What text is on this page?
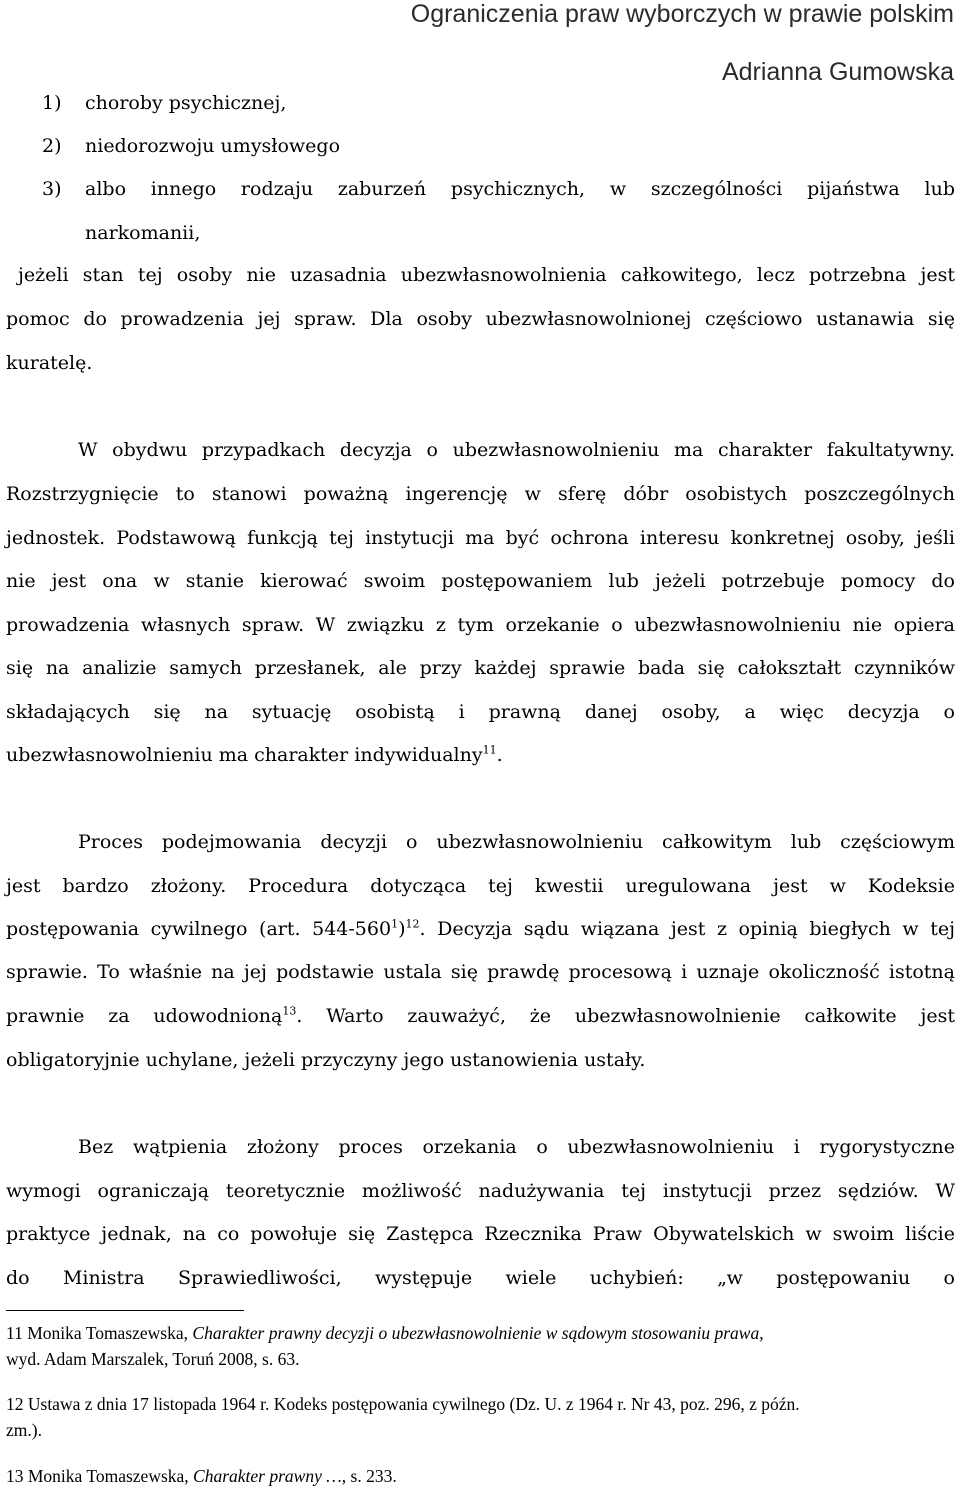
Ograniczenia praw wyborczych w prawie polskim
Adrianna Gumowska
1) choroby psychicznej,
2) niedorozwoju umysłowego
3) albo innego rodzaju zaburzeń psychicznych, w szczególności pijaństwa lub
narkomanii,
jeżeli stan tej osoby nie uzasadnia ubezwłasnowolnienia całkowitego, lecz potrzebna jest
pomoc do prowadzenia jej spraw. Dla osoby ubezwłasnowolnionej częściowo ustanawia się
kuratelę.
W obydwu przypadkach decyzja o ubezwłasnowolnieniu ma charakter fakultatywny.
Rozstrzygnięcie to stanowi poważną ingerencję w sferę dóbr osobistych poszczególnych
jednostek. Podstawową funkcją tej instytucji ma być ochrona interesu konkretnej osoby, jeśli
nie jest ona w stanie kierować swoim postępowaniem lub jeżeli potrzebuje pomocy do
prowadzenia własnych spraw. W związku z tym orzekanie o ubezwłasnowolnieniu nie opiera
się na analizie samych przesłanek, ale przy każdej sprawie bada się całokształt czynników
składających się na sytuację osobistą i prawną danej osoby, a więc decyzja o
ubezwłasnowolnieniu ma charakter indywidualny$^{11}$.
Proces podejmowania decyzji o ubezwłasnowolnieniu całkowitym lub częściowym
jest bardzo złożony. Procedura dotycząca tej kwestii uregulowana jest w Kodeksie
postępowania cywilnego (art. $544-560^1)^{12}$. Decyzja sądu wiązana jest z opinią biegłych w tej
sprawie. To właśnie na jej podstawie ustala się prawdę procesową i uznaje okoliczność istotną
prawnie za udowodnioną$^{13}$. Warto zauważyć, że ubezwłasnowolnienie całkowite jest
obligatoryjnie uchylane, jeżeli przyczyny jego ustanowienia ustały.
Bez wątpienia złożony proces orzekania o ubezwłasnowolnieniu i rygorystyczne
wymogi ograniczają teoretycznie możliwość nadużywania tej instytucji przez sędziów. W
praktyce jednak, na co powołuje się Zastępca Rzecznika Praw Obywatelskich w swoim liście
do Ministra Sprawiedliwości, występuje wiele uchybień: „w postępowaniu o
11 Monika Tomaszewska, Charakter prawny decyzji o ubezwłasnowolnienie w sądowym stosowaniu prawa,
wyd. Adam Marszalek, Toruń 2008, s. 63.
12 Ustawa z dnia 17 listopada 1964 r. Kodeks postępowania cywilnego (Dz. U. z 1964 r. Nr 43, poz. 296, z późn.
zm.).
13 Monika Tomaszewska, Charakter prawny …, s. 233.
